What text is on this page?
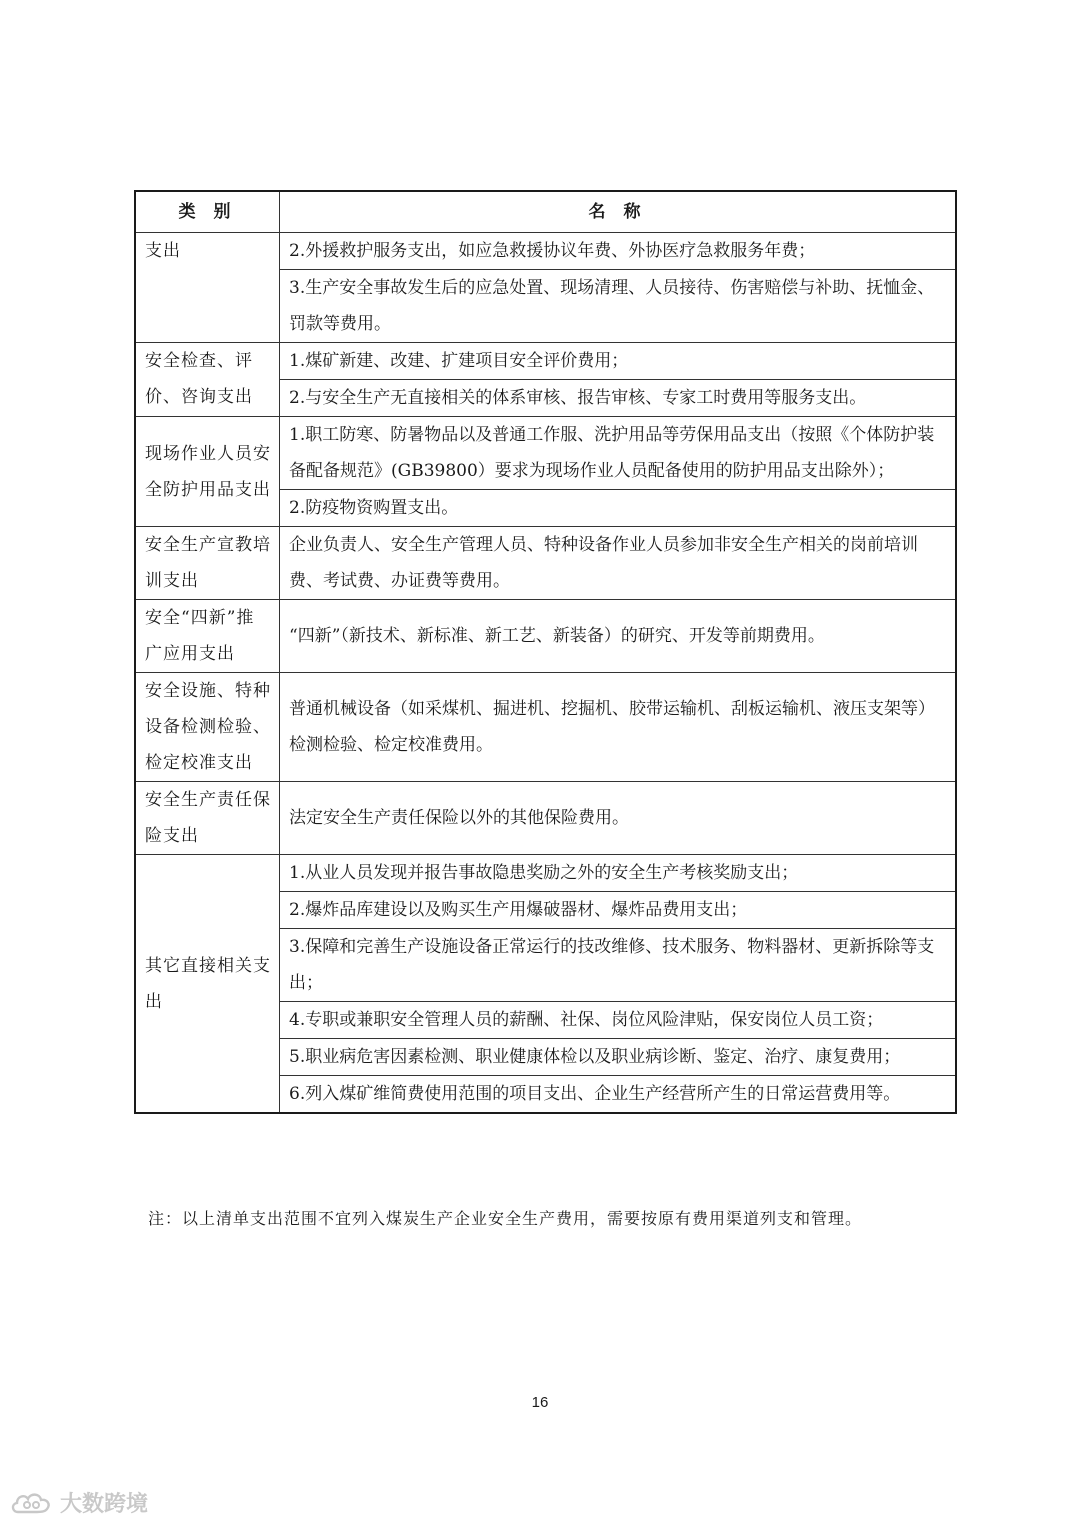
类 别	名 称
支出	2.外援救护服务支出，如应急救援协议年费、外协医疗急救服务年费；
	3.生产安全事故发生后的应急处置、现场清理、人员接待、伤害赔偿与补助、抚恤金、罚款等费用。
安全检查、评价、咨询支出	1.煤矿新建、改建、扩建项目安全评价费用；
	2.与安全生产无直接相关的体系审核、报告审核、专家工时费用等服务支出。
现场作业人员安全防护用品支出	1.职工防寒、防暑物品以及普通工作服、洗护用品等劳保用品支出（按照《个体防护装备配备规范》(GB39800）要求为现场作业人员配备使用的防护用品支出除外）；
	2.防疫物资购置支出。
安全生产宣教培训支出	企业负责人、安全生产管理人员、特种设备作业人员参加非安全生产相关的岗前培训费、考试费、办证费等费用。
安全“四新”推广应用支出	“四新”（新技术、新标准、新工艺、新装备）的研究、开发等前期费用。
安全设施、特种设备检测检验、检定校准支出	普通机械设备（如采煤机、掘进机、挖掘机、胶带运输机、刮板运输机、液压支架等）检测检验、检定校准费用。
安全生产责任保险支出	法定安全生产责任保险以外的其他保险费用。
其它直接相关支出	1.从业人员发现并报告事故隐患奖励之外的安全生产考核奖励支出；
	2.爆炸品库建设以及购买生产用爆破器材、爆炸品费用支出；
	3.保障和完善生产设施设备正常运行的技改维修、技术服务、物料器材、更新拆除等支出；
	4.专职或兼职安全管理人员的薪酬、社保、岗位风险津贴，保安岗位人员工资；
	5.职业病危害因素检测、职业健康体检以及职业病诊断、鉴定、治疗、康复费用；
	6.列入煤矿维简费使用范围的项目支出、企业生产经营所产生的日常运营费用等。
注：以上清单支出范围不宜列入煤炭生产企业安全生产费用，需要按原有费用渠道列支和管理。
16
大数跨境
